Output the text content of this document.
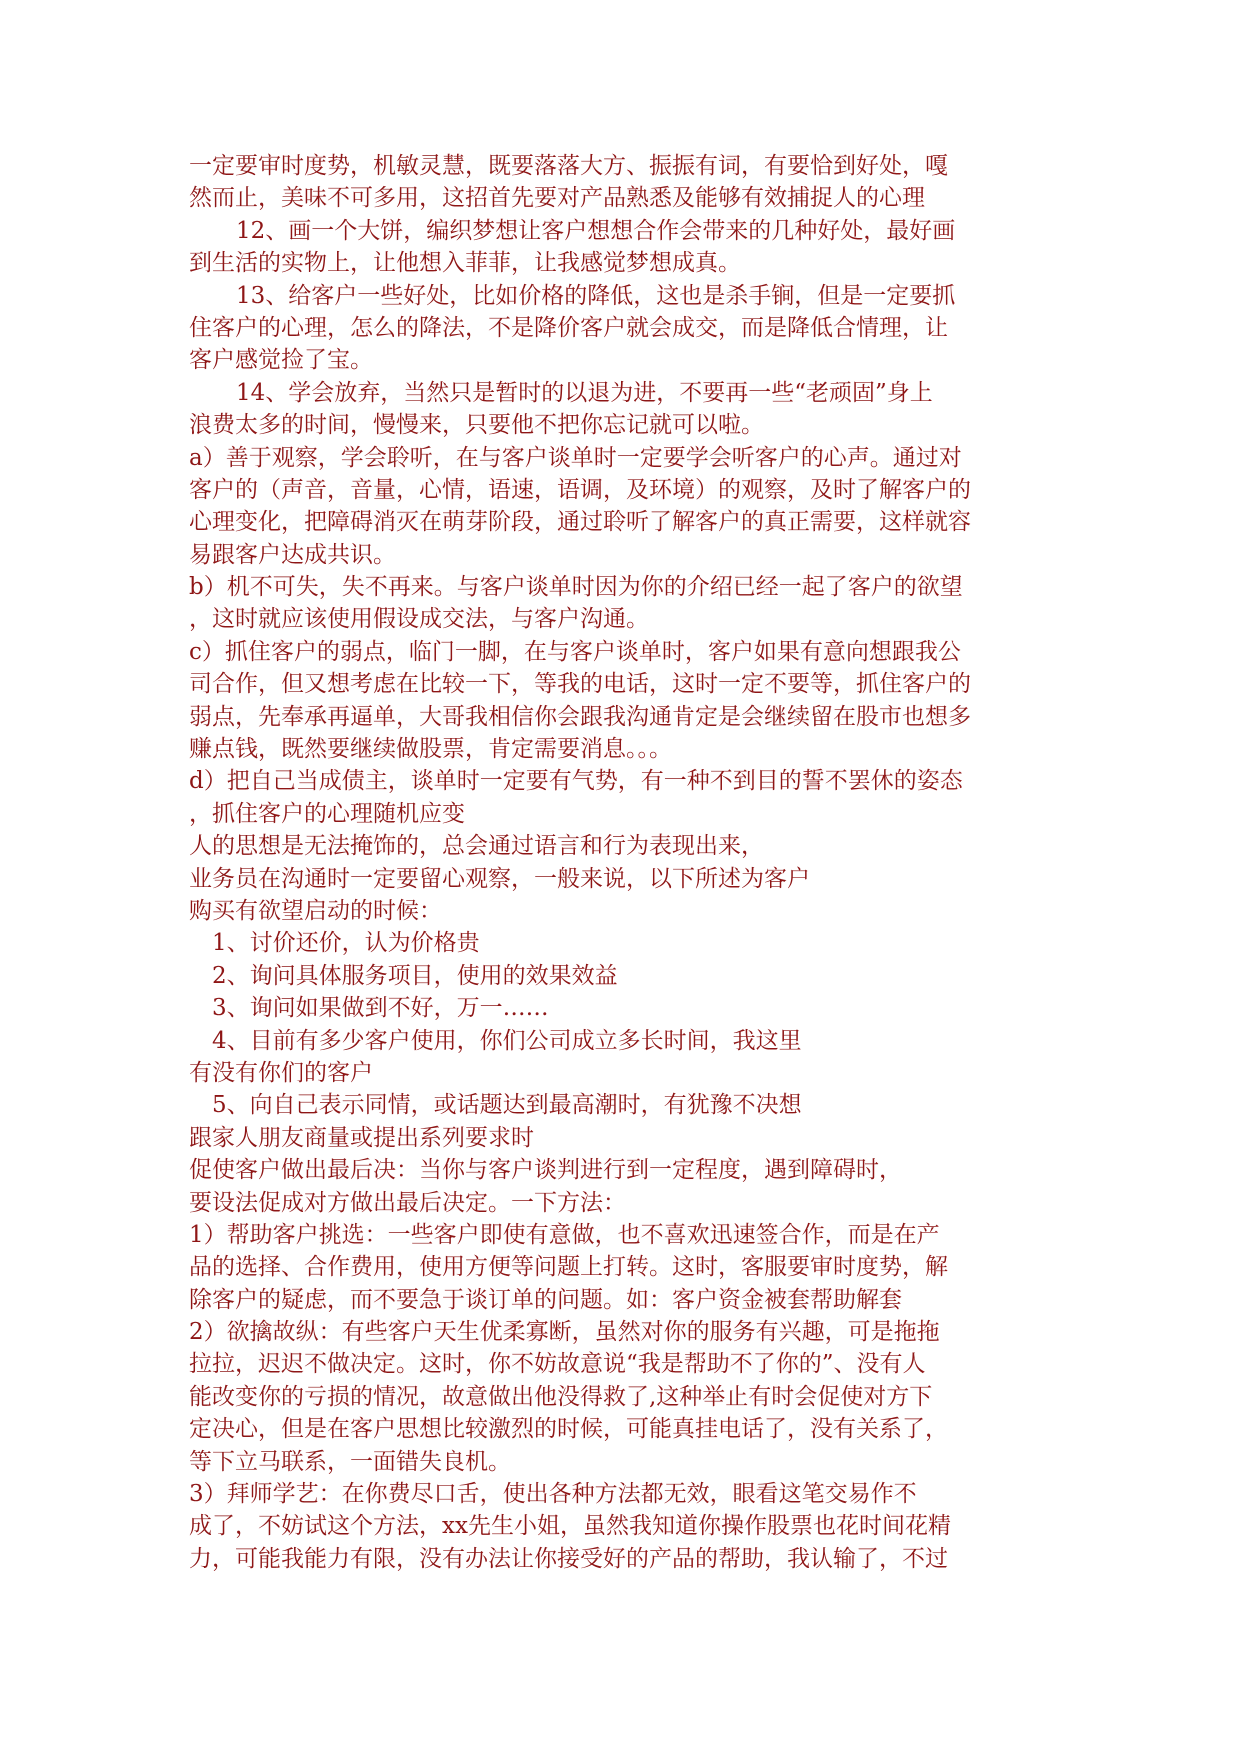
一定要审时度势，机敏灵慧，既要落落大方、振振有词，有要恰到好处，嘎
然而止，美味不可多用，这招首先要对产品熟悉及能够有效捕捉人的心理
12、画一个大饼，编织梦想让客户想想合作会带来的几种好处，最好画
到生活的实物上，让他想入菲菲，让我感觉梦想成真。
13、给客户一些好处，比如价格的降低，这也是杀手锏，但是一定要抓
住客户的心理，怎么的降法，不是降价客户就会成交，而是降低合情理，让
客户感觉捡了宝。
14、学会放弃，当然只是暂时的以退为进，不要再一些“老顽固”身上
浪费太多的时间，慢慢来，只要他不把你忘记就可以啦。
a）善于观察，学会聆听，在与客户谈单时一定要学会听客户的心声。通过对
客户的（声音，音量，心情，语速，语调，及环境）的观察，及时了解客户的
心理变化，把障碍消灭在萌芽阶段，通过聆听了解客户的真正需要，这样就容
易跟客户达成共识。
b）机不可失，失不再来。与客户谈单时因为你的介绍已经一起了客户的欲望
，这时就应该使用假设成交法，与客户沟通。
c）抓住客户的弱点，临门一脚，在与客户谈单时，客户如果有意向想跟我公
司合作，但又想考虑在比较一下，等我的电话，这时一定不要等，抓住客户的
弱点，先奉承再逼单，大哥我相信你会跟我沟通肯定是会继续留在股市也想多
赚点钱，既然要继续做股票，肯定需要消息。。。
d）把自己当成债主，谈单时一定要有气势，有一种不到目的誓不罢休的姿态
，抓住客户的心理随机应变
人的思想是无法掩饰的，总会通过语言和行为表现出来，
业务员在沟通时一定要留心观察，一般来说，以下所述为客户
购买有欲望启动的时候：
1、讨价还价，认为价格贵
2、询问具体服务项目，使用的效果效益
3、询问如果做到不好，万一……
4、目前有多少客户使用，你们公司成立多长时间，我这里
有没有你们的客户
5、向自己表示同情，或话题达到最高潮时，有犹豫不决想
跟家人朋友商量或提出系列要求时
促使客户做出最后决：当你与客户谈判进行到一定程度，遇到障碍时，
要设法促成对方做出最后决定。一下方法：
1）帮助客户挑选：一些客户即使有意做，也不喜欢迅速签合作，而是在产
品的选择、合作费用，使用方便等问题上打转。这时，客服要审时度势，解
除客户的疑虑，而不要急于谈订单的问题。如：客户资金被套帮助解套
2）欲擒故纵：有些客户天生优柔寡断，虽然对你的服务有兴趣，可是拖拖
拉拉，迟迟不做决定。这时，你不妨故意说“我是帮助不了你的”、没有人
能改变你的亏损的情况，故意做出他没得救了,这种举止有时会促使对方下
定决心，但是在客户思想比较激烈的时候，可能真挂电话了，没有关系了，
等下立马联系，一面错失良机。
3）拜师学艺：在你费尽口舌，使出各种方法都无效，眼看这笔交易作不
成了，不妨试这个方法，xx先生小姐，虽然我知道你操作股票也花时间花精
力，可能我能力有限，没有办法让你接受好的产品的帮助，我认输了，不过
